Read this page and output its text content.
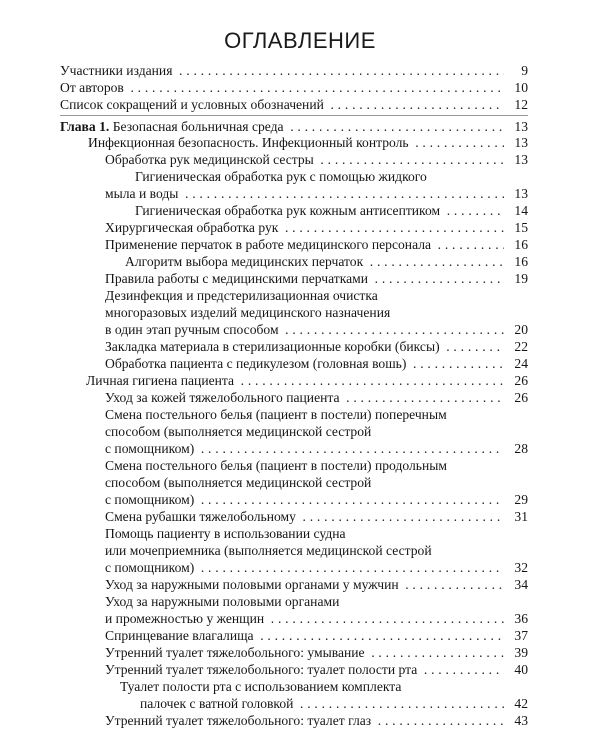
ОГЛАВЛЕНИЕ
Участники издания . . .	9
От авторов . . .	10
Список сокращений и условных обозначений . . .	12
Глава 1. Безопасная больничная среда . . .	13
Инфекционная безопасность. Инфекционный контроль . . .	13
Обработка рук медицинской сестры . . .	13
Гигиеническая обработка рук с помощью жидкого
мыла и воды . . .	13
Гигиеническая обработка рук кожным антисептиком . . .	14
Хирургическая обработка рук . . .	15
Применение перчаток в работе медицинского персонала . . .	16
Алгоритм выбора медицинских перчаток . . .	16
Правила работы с медицинскими перчатками . . .	19
Дезинфекция и предстерилизационная очистка
многоразовых изделий медицинского назначения
в один этап ручным способом . . .	20
Закладка материала в стерилизационные коробки (биксы) . . .	22
Обработка пациента с педикулезом (головная вошь) . . .	24
Личная гигиена пациента . . .	26
Уход за кожей тяжелобольного пациента . . .	26
Смена постельного белья (пациент в постели) поперечным
способом (выполняется медицинской сестрой
с помощником) . . .	28
Смена постельного белья (пациент в постели) продольным
способом (выполняется медицинской сестрой
с помощником) . . .	29
Смена рубашки тяжелобольному . . .	31
Помощь пациенту в использовании судна
или мочеприемника (выполняется медицинской сестрой
с помощником) . . .	32
Уход за наружными половыми органами у мужчин . . .	34
Уход за наружными половыми органами
и промежностью у женщин . . .	36
Спринцевание влагалища . . .	37
Утренний туалет тяжелобольного: умывание . . .	39
Утренний туалет тяжелобольного: туалет полости рта . . .	40
Туалет полости рта с использованием комплекта
палочек с ватной головкой . . .	42
Утренний туалет тяжелобольного: туалет глаз . . .	43
